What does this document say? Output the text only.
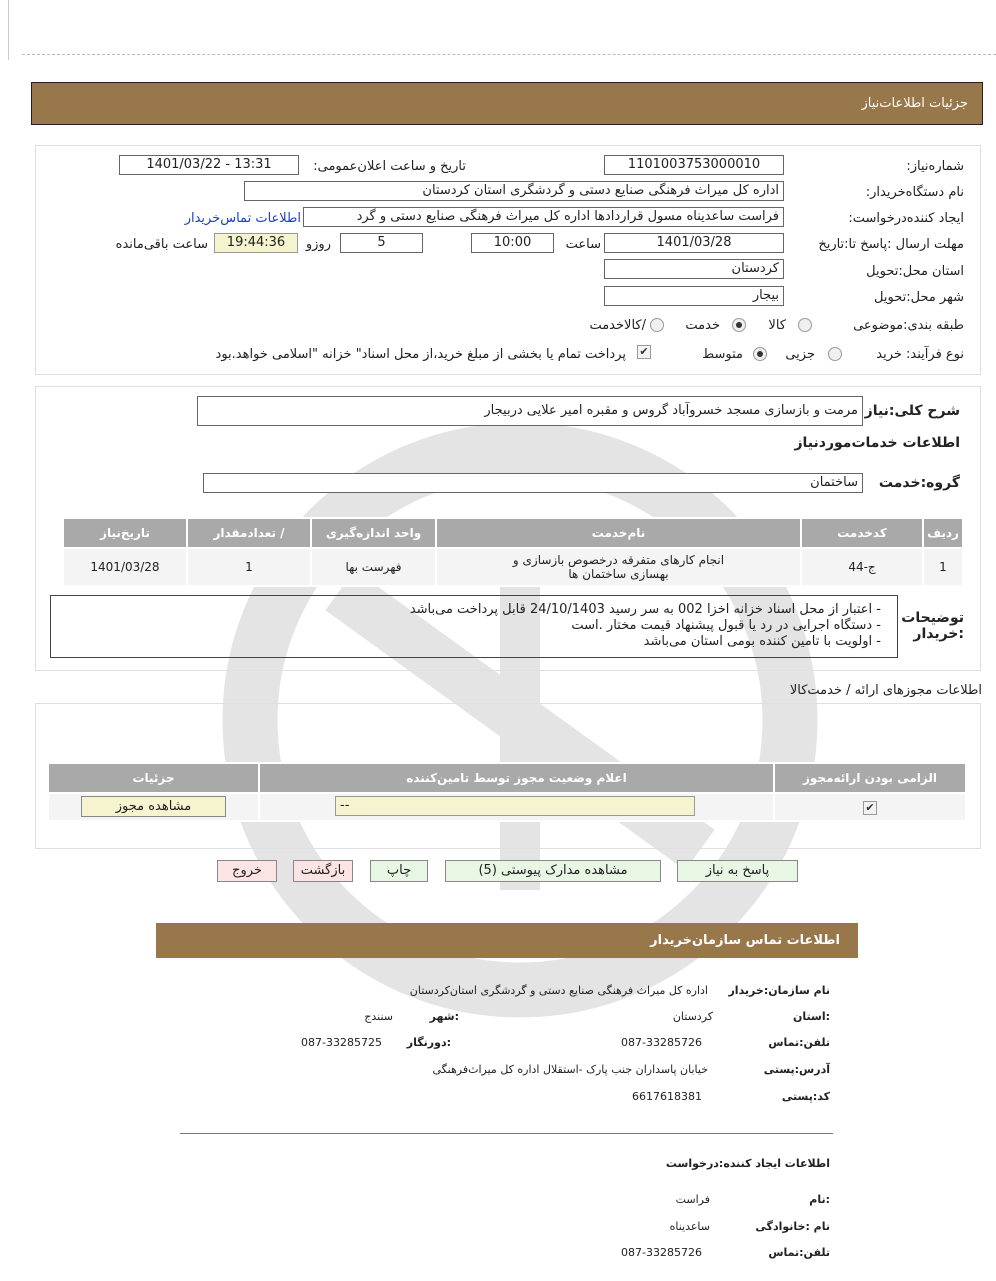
جزئیات اطلاعات‌نیاز
شماره‌نیاز:
1101003753000010
تاریخ و ساعت اعلان‌عمومی:
1401/03/22 - 13:31
نام دستگاه‌خریدار:
اداره کل میراث فرهنگی صنایع دستی و گردشگری استان کردستان
ایجاد کننده‌درخواست:
فراست ساعدیناه مسول قراردادها اداره کل میراث فرهنگی صنایع دستی و گرد
اطلاعات تماس‌خریدار
مهلت ارسال :پاسخ تا:تاریخ
1401/03/28
ساعت
10:00
5
روزو
19:44:36
ساعت باقی‌مانده
استان محل:تحویل
کردستان
شهر محل:تحویل
بیجار
طبقه بندی:موضوعی
کالا
خدمت
/کالاخدمت
نوع فرآیند: خرید
جزیی
متوسط
✔
پرداخت تمام یا بخشی از مبلغ خرید،از محل اسناد" خزانه "اسلامی خواهد.بود
شرح کلی:نیاز
مرمت و بازسازی مسجد خسروآباد گروس و مقبره امیر علایی دربیجار
اطلاعات خدمات‌موردنیاز
گروه:خدمت
ساختمان
ردیف	کدخدمت	نام‌خدمت	واحد اندازه‌گیری	/ تعدادمقدار	تاریخ‌نیاز
1	ج-44	انجام کارهای متفرقه درخصوص بازسازی و بهسازی ساختمان ها	فهرست بها	1	1401/03/28
توضیحات :خریدار
- اعتبار از محل اسناد خزانه اخزا 002 به سر رسید 24/10/1403 قابل پرداخت می‌باشد
- دستگاه اجرایی در رد یا قبول پیشنهاد قیمت مختار .است
- اولویت با تامین کننده بومی استان می‌باشد
اطلاعات مجوزهای ارائه / خدمت‌کالا
الزامی بودن ارائه‌مجوز	اعلام وضعیت مجوز توسط تامین‌کننده	جزئیات
✔		
--
مشاهده مجوز
پاسخ به نیاز
مشاهده مدارک پیوستی (5)
چاپ
بازگشت
خروج
اطلاعات تماس سازمان‌خریدار
نام سازمان:خریدار
اداره کل میراث فرهنگی صنایع دستی و گردشگری استان‌کردستان
:استان
کردستان
:شهر
سنندج
تلفن:تماس
087-33285726
:دورنگار
087-33285725
آدرس:پستی
خیابان پاسداران جنب پارک -استقلال اداره کل میراث‌فرهنگی
کد:پستی
6617618381
اطلاعات ایجاد کننده:درخواست
:نام
فراست
نام :خانوادگی
ساعدیناه
تلفن:تماس
087-33285726
